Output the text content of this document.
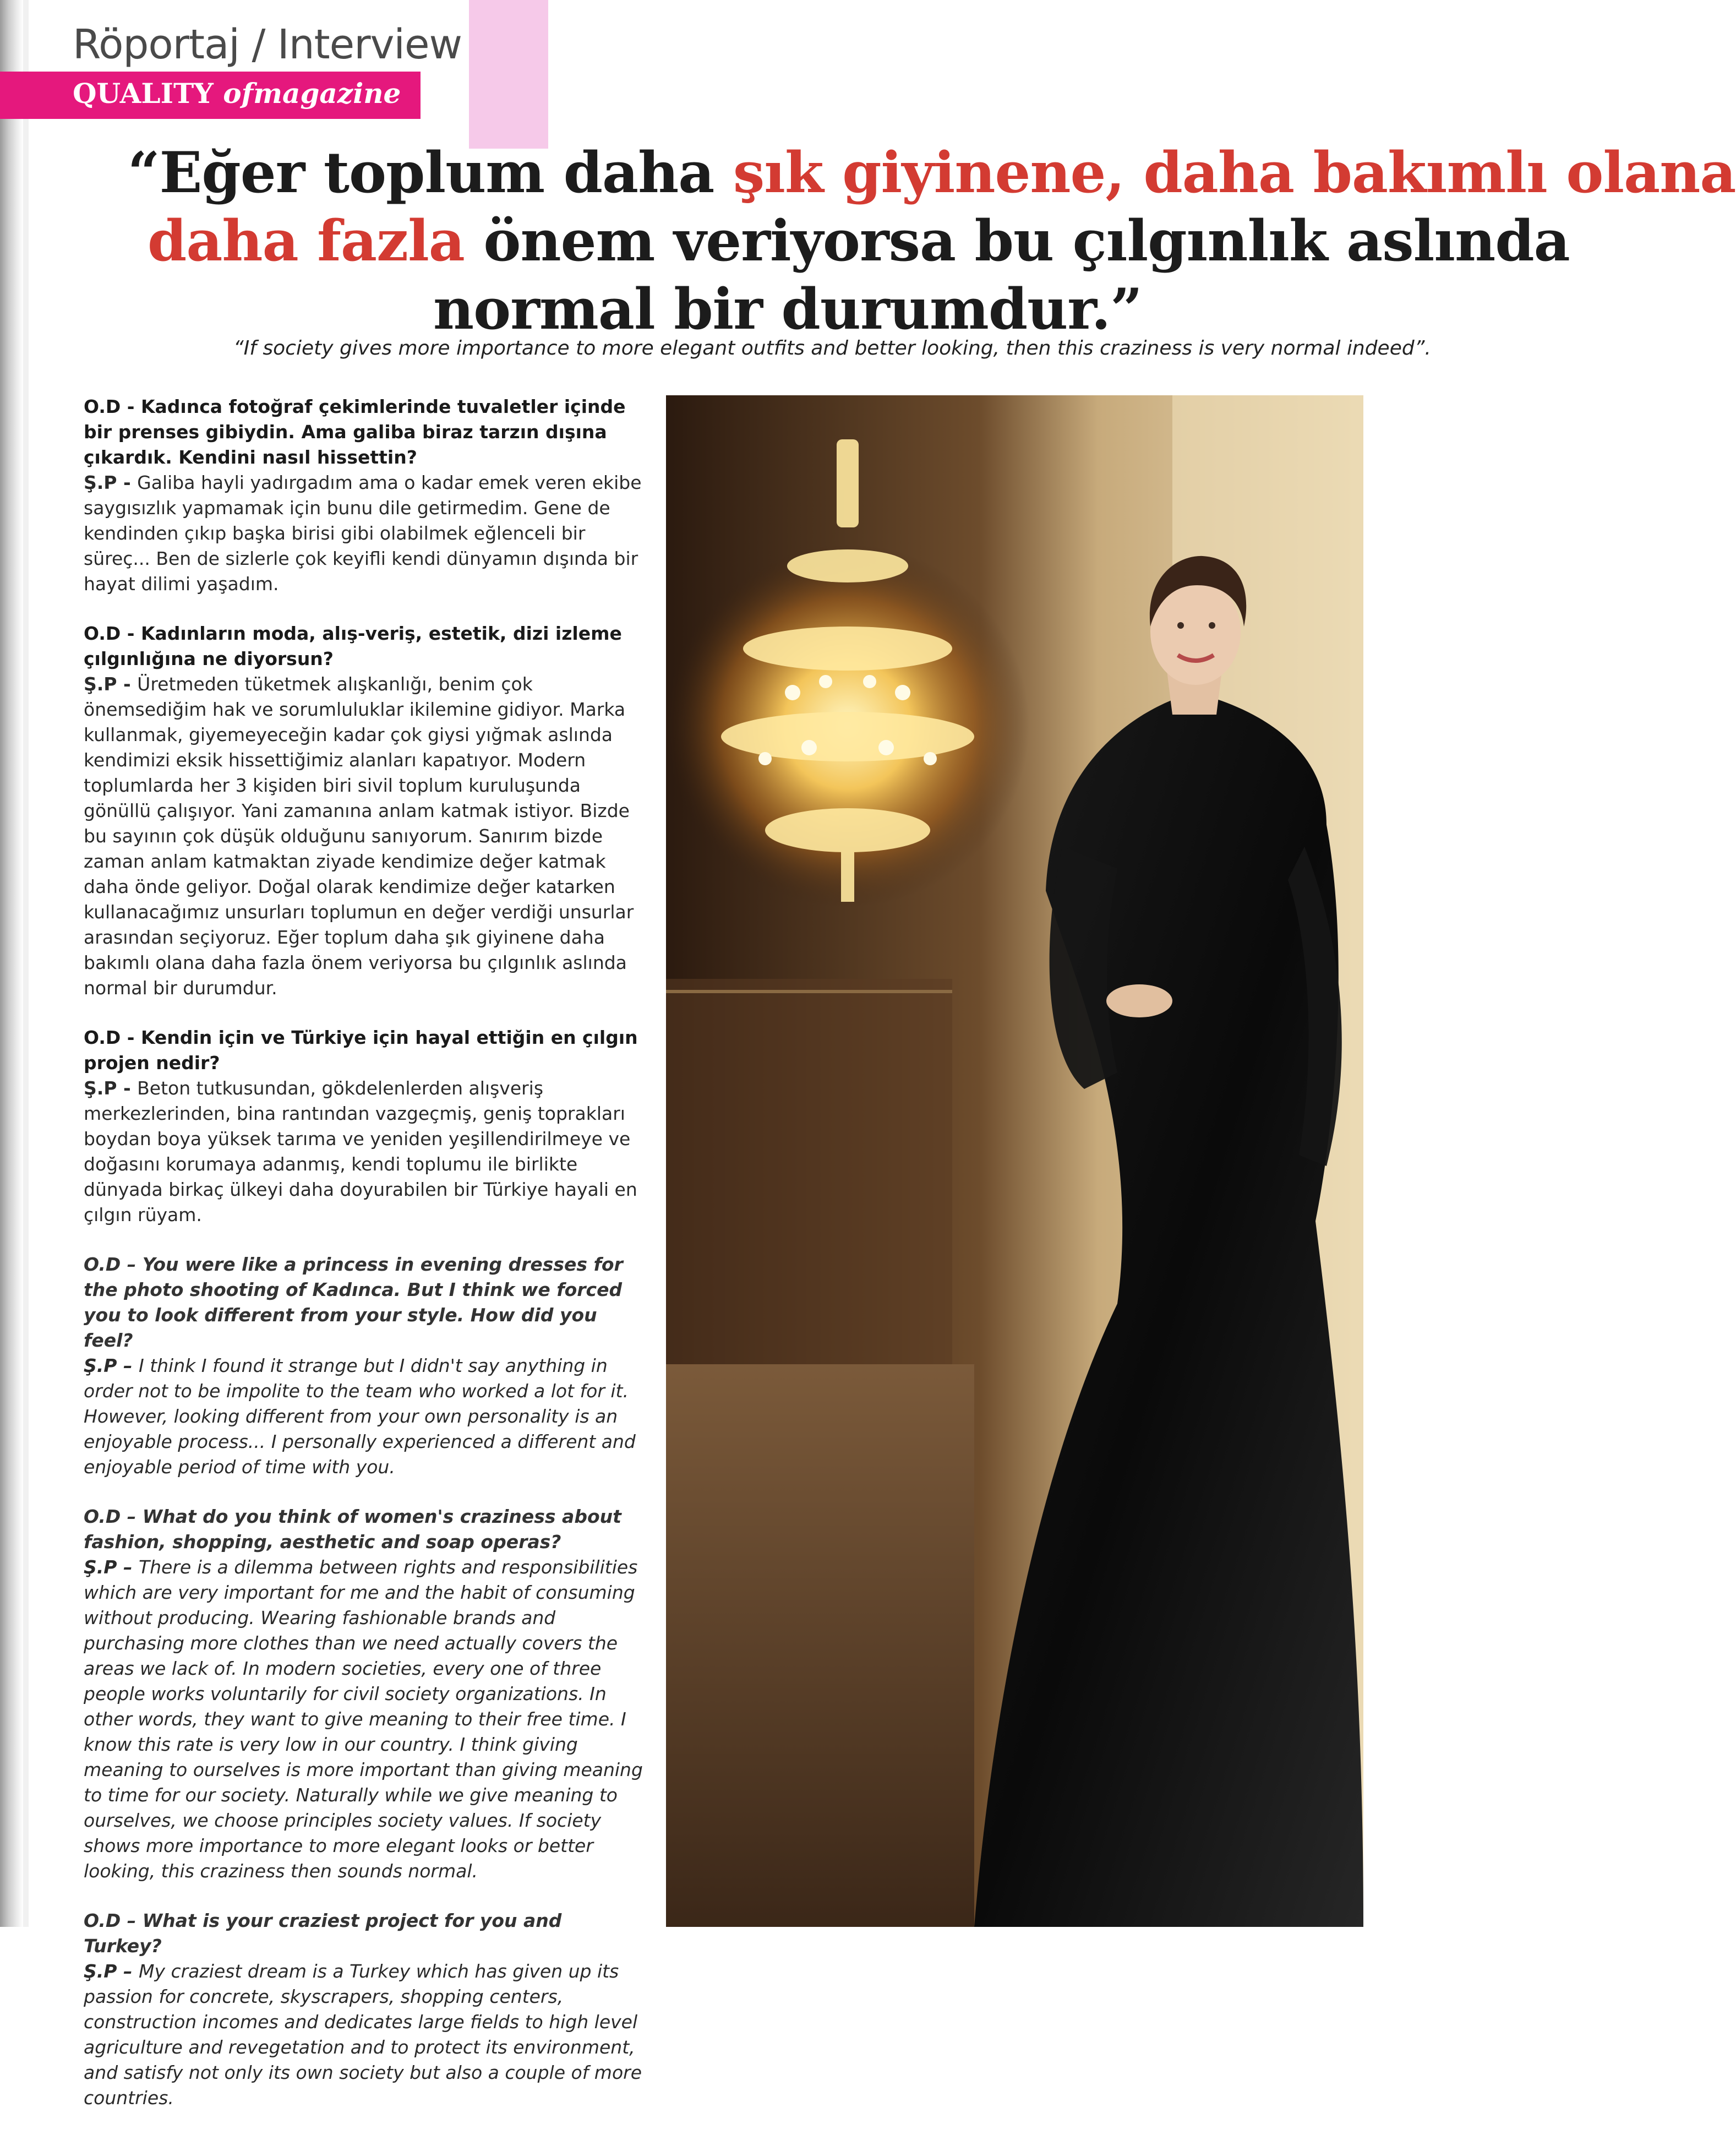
Röportaj / Interview
QUALITY ofmagazine
“Eğer toplum daha şık giyinene, daha bakımlı olana
daha fazla önem veriyorsa bu çılgınlık aslında
normal bir durumdur.”
“If society gives more importance to more elegant outfits and better looking, then this craziness is very normal indeed”.
O.D - Kadınca fotoğraf çekimlerinde tuvaletler içinde bir prenses gibiydin. Ama galiba biraz tarzın dışına çıkardık. Kendini nasıl hissettin?
Ş.P - Galiba hayli yadırgadım ama o kadar emek veren ekibe saygısızlık yapmamak için bunu dile getirmedim. Gene de kendinden çıkıp başka birisi gibi olabilmek eğlenceli bir süreç... Ben de sizlerle çok keyifli kendi dünyamın dışında bir hayat dilimi yaşadım.
O.D - Kadınların moda, alış-veriş, estetik, dizi izleme çılgınlığına ne diyorsun?
Ş.P - Üretmeden tüketmek alışkanlığı, benim çok önemsediğim hak ve sorumluluklar ikilemine gidiyor. Marka kullanmak, giyemeyeceğin kadar çok giysi yığmak aslında kendimizi eksik hissettiğimiz alanları kapatıyor. Modern toplumlarda her 3 kişiden biri sivil toplum kuruluşunda gönüllü çalışıyor. Yani zamanına anlam katmak istiyor. Bizde bu sayının çok düşük olduğunu sanıyorum. Sanırım bizde zaman anlam katmaktan ziyade kendimize değer katmak daha önde geliyor. Doğal olarak kendimize değer katarken kullanacağımız unsurları toplumun en değer verdiği unsurlar arasından seçiyoruz. Eğer toplum daha şık giyinene daha bakımlı olana daha fazla önem veriyorsa bu çılgınlık aslında normal bir durumdur.
O.D - Kendin için ve Türkiye için hayal ettiğin en çılgın projen nedir?
Ş.P - Beton tutkusundan, gökdelenlerden alışveriş merkezlerinden, bina rantından vazgeçmiş, geniş toprakları boydan boya yüksek tarıma ve yeniden yeşillendirilmeye ve doğasını korumaya adanmış, kendi toplumu ile birlikte dünyada birkaç ülkeyi daha doyurabilen bir Türkiye hayali en çılgın rüyam.
O.D – You were like a princess in evening dresses for the photo shooting of Kadınca. But I think we forced you to look different from your style. How did you feel?
Ş.P – I think I found it strange but I didn't say anything in order not to be impolite to the team who worked a lot for it. However, looking different from your own personality is an enjoyable process... I personally experienced a different and enjoyable period of time with you.
O.D – What do you think of women's craziness about fashion, shopping, aesthetic and soap operas?
Ş.P – There is a dilemma between rights and responsibilities which are very important for me and the habit of consuming without producing. Wearing fashionable brands and purchasing more clothes than we need actually covers the areas we lack of. In modern societies, every one of three people works voluntarily for civil society organizations. In other words, they want to give meaning to their free time. I know this rate is very low in our country. I think giving meaning to ourselves is more important than giving meaning to time for our society. Naturally while we give meaning to ourselves, we choose principles society values. If society shows more importance to more elegant looks or better looking, this craziness then sounds normal.
O.D – What is your craziest project for you and Turkey?
Ş.P – My craziest dream is a Turkey which has given up its passion for concrete, skyscrapers, shopping centers, construction incomes and dedicates large fields to high level agriculture and revegetation and to protect its environment, and satisfy not only its own society but also a couple of more countries.
